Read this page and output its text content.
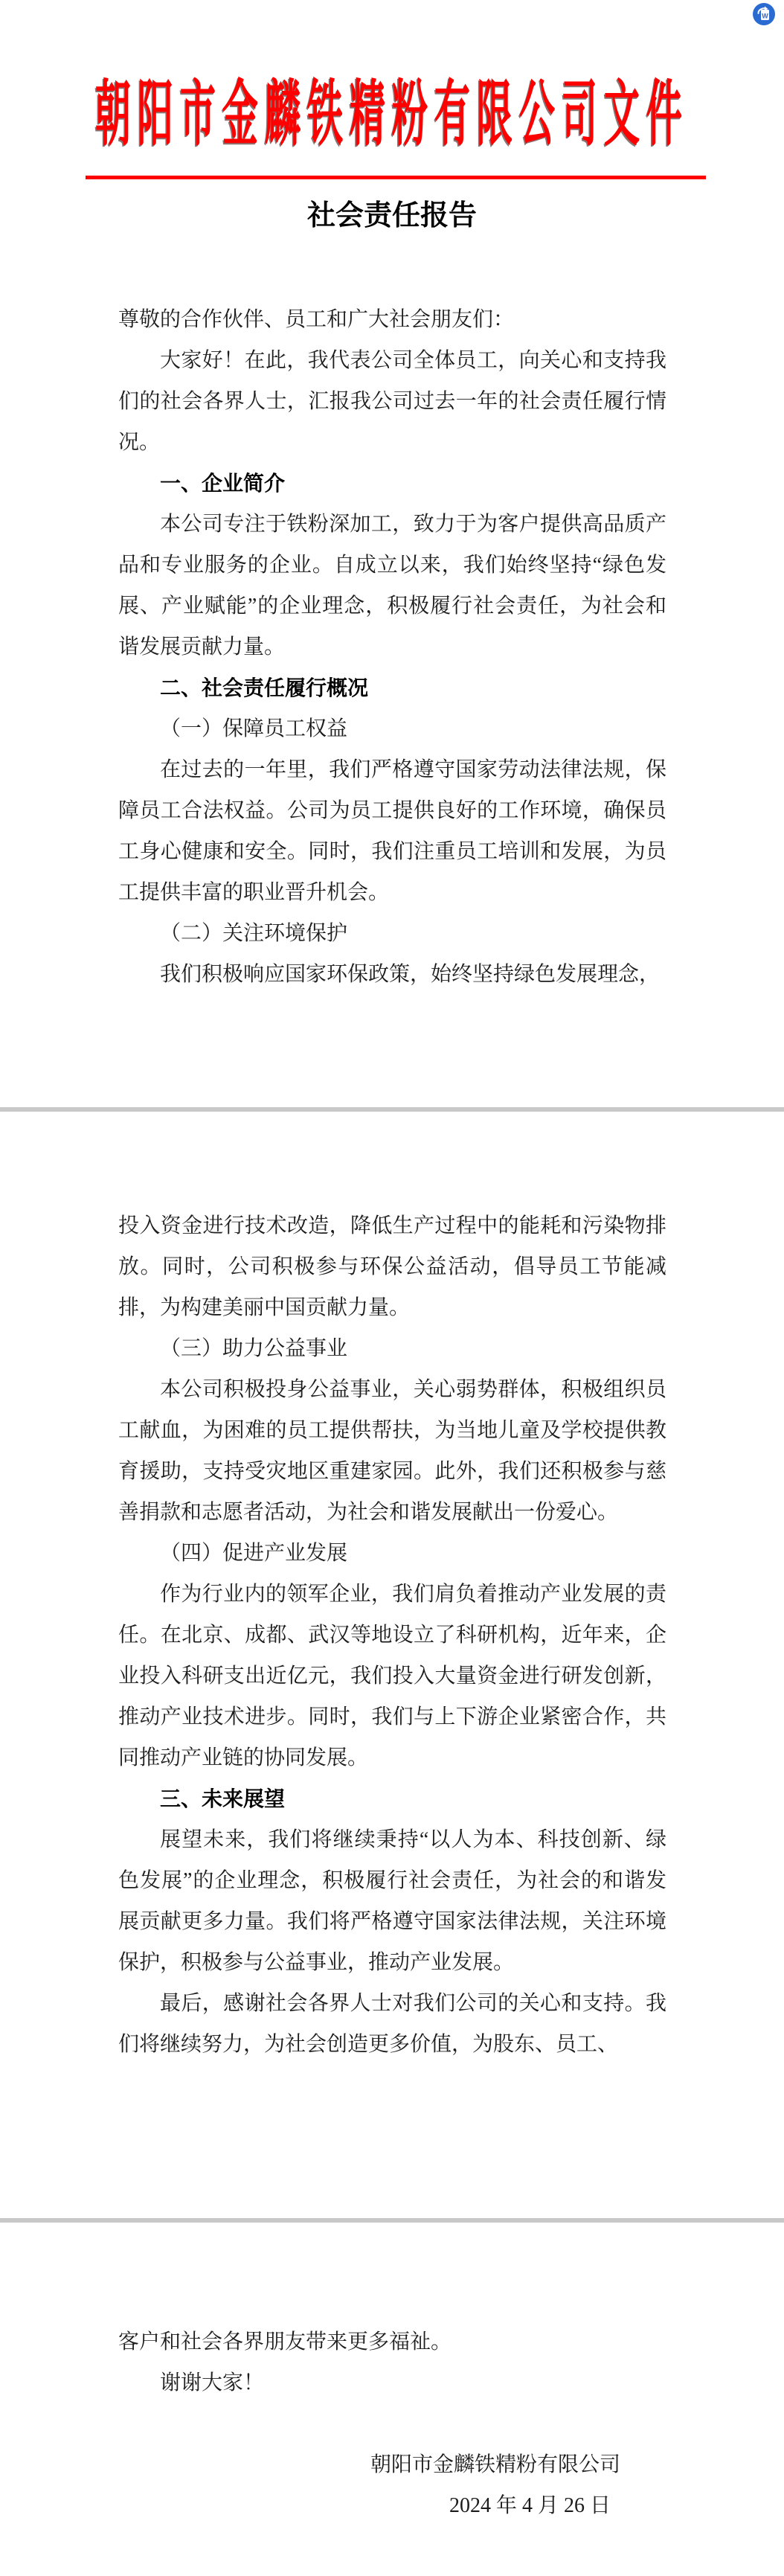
W
朝阳市金麟铁精粉有限公司文件
社会责任报告

尊敬的合作伙伴、员工和广大社会朋友们：

大家好！在此，我代表公司全体员工，向关心和支持我们的社会各界人士，汇报我公司过去一年的社会责任履行情况。

一、企业简介

本公司专注于铁粉深加工，致力于为客户提供高品质产品和专业服务的企业。自成立以来，我们始终坚持“绿色发展、产业赋能”的企业理念，积极履行社会责任，为社会和谐发展贡献力量。

二、社会责任履行概况

（一）保障员工权益

在过去的一年里，我们严格遵守国家劳动法律法规，保障员工合法权益。公司为员工提供良好的工作环境，确保员工身心健康和安全。同时，我们注重员工培训和发展，为员工提供丰富的职业晋升机会。

（二）关注环境保护

我们积极响应国家环保政策，始终坚持绿色发展理念，

投入资金进行技术改造，降低生产过程中的能耗和污染物排放。同时，公司积极参与环保公益活动，倡导员工节能减排，为构建美丽中国贡献力量。

（三）助力公益事业

本公司积极投身公益事业，关心弱势群体，积极组织员工献血，为困难的员工提供帮扶，为当地儿童及学校提供教育援助，支持受灾地区重建家园。此外，我们还积极参与慈善捐款和志愿者活动，为社会和谐发展献出一份爱心。

（四）促进产业发展

作为行业内的领军企业，我们肩负着推动产业发展的责任。在北京、成都、武汉等地设立了科研机构，近年来，企业投入科研支出近亿元，我们投入大量资金进行研发创新，推动产业技术进步。同时，我们与上下游企业紧密合作，共同推动产业链的协同发展。

三、未来展望

展望未来，我们将继续秉持“以人为本、科技创新、绿色发展”的企业理念，积极履行社会责任，为社会的和谐发展贡献更多力量。我们将严格遵守国家法律法规，关注环境保护，积极参与公益事业，推动产业发展。

最后，感谢社会各界人士对我们公司的关心和支持。我们将继续努力，为社会创造更多价值，为股东、员工、

客户和社会各界朋友带来更多福祉。

谢谢大家！

朝阳市金麟铁精粉有限公司

2024 年 4 月 26 日
